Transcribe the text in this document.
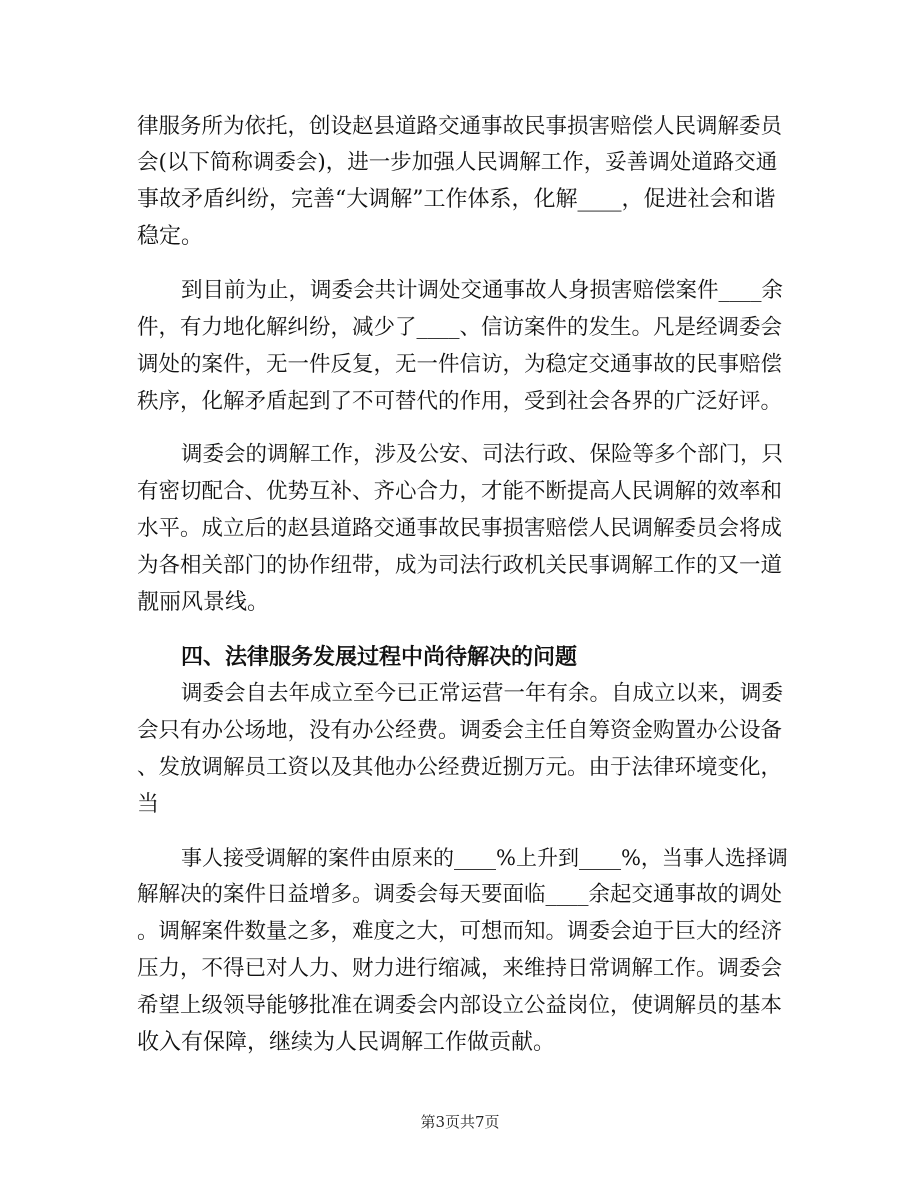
律服务所为依托，创设赵县道路交通事故民事损害赔偿人民调解委员
会(以下简称调委会)，进一步加强人民调解工作，妥善调处道路交通
事故矛盾纠纷，完善“大调解”工作体系，化解____，促进社会和谐
稳定。
到目前为止，调委会共计调处交通事故人身损害赔偿案件____余
件，有力地化解纠纷，减少了____、信访案件的发生。凡是经调委会
调处的案件，无一件反复，无一件信访，为稳定交通事故的民事赔偿
秩序，化解矛盾起到了不可替代的作用，受到社会各界的广泛好评。
调委会的调解工作，涉及公安、司法行政、保险等多个部门，只
有密切配合、优势互补、齐心合力，才能不断提高人民调解的效率和
水平。成立后的赵县道路交通事故民事损害赔偿人民调解委员会将成
为各相关部门的协作纽带，成为司法行政机关民事调解工作的又一道
靓丽风景线。
四、法律服务发展过程中尚待解决的问题
调委会自去年成立至今已正常运营一年有余。自成立以来，调委
会只有办公场地，没有办公经费。调委会主任自筹资金购置办公设备
、发放调解员工资以及其他办公经费近捌万元。由于法律环境变化，
当
事人接受调解的案件由原来的____%上升到____%，当事人选择调
解解决的案件日益增多。调委会每天要面临____余起交通事故的调处
。调解案件数量之多，难度之大，可想而知。调委会迫于巨大的经济
压力，不得已对人力、财力进行缩减，来维持日常调解工作。调委会
希望上级领导能够批准在调委会内部设立公益岗位，使调解员的基本
收入有保障，继续为人民调解工作做贡献。
第3页共7页
